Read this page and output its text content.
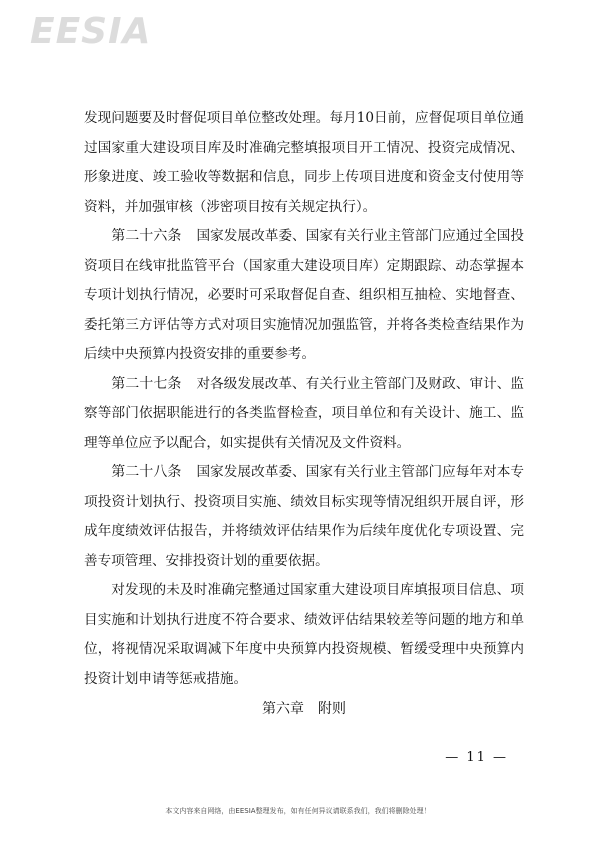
EESIA

发现问题要及时督促项目单位整改处理。每月10日前，应督促项目单位通过国家重大建设项目库及时准确完整填报项目开工情况、投资完成情况、形象进度、竣工验收等数据和信息，同步上传项目进度和资金支付使用等资料，并加强审核（涉密项目按有关规定执行）。

第二十六条 国家发展改革委、国家有关行业主管部门应通过全国投资项目在线审批监管平台（国家重大建设项目库）定期跟踪、动态掌握本专项计划执行情况，必要时可采取督促自查、组织相互抽检、实地督查、委托第三方评估等方式对项目实施情况加强监管，并将各类检查结果作为后续中央预算内投资安排的重要参考。

第二十七条 对各级发展改革、有关行业主管部门及财政、审计、监察等部门依据职能进行的各类监督检查，项目单位和有关设计、施工、监理等单位应予以配合，如实提供有关情况及文件资料。

第二十八条 国家发展改革委、国家有关行业主管部门应每年对本专项投资计划执行、投资项目实施、绩效目标实现等情况组织开展自评，形成年度绩效评估报告，并将绩效评估结果作为后续年度优化专项设置、完善专项管理、安排投资计划的重要依据。

对发现的未及时准确完整通过国家重大建设项目库填报项目信息、项目实施和计划执行进度不符合要求、绩效评估结果较差等问题的地方和单位，将视情况采取调减下年度中央预算内投资规模、暂缓受理中央预算内投资计划申请等惩戒措施。

第六章 附则

— 11 —
本文内容来自网络，由EESIA整理发布，如有任何异议请联系我们，我们将删除处理！
